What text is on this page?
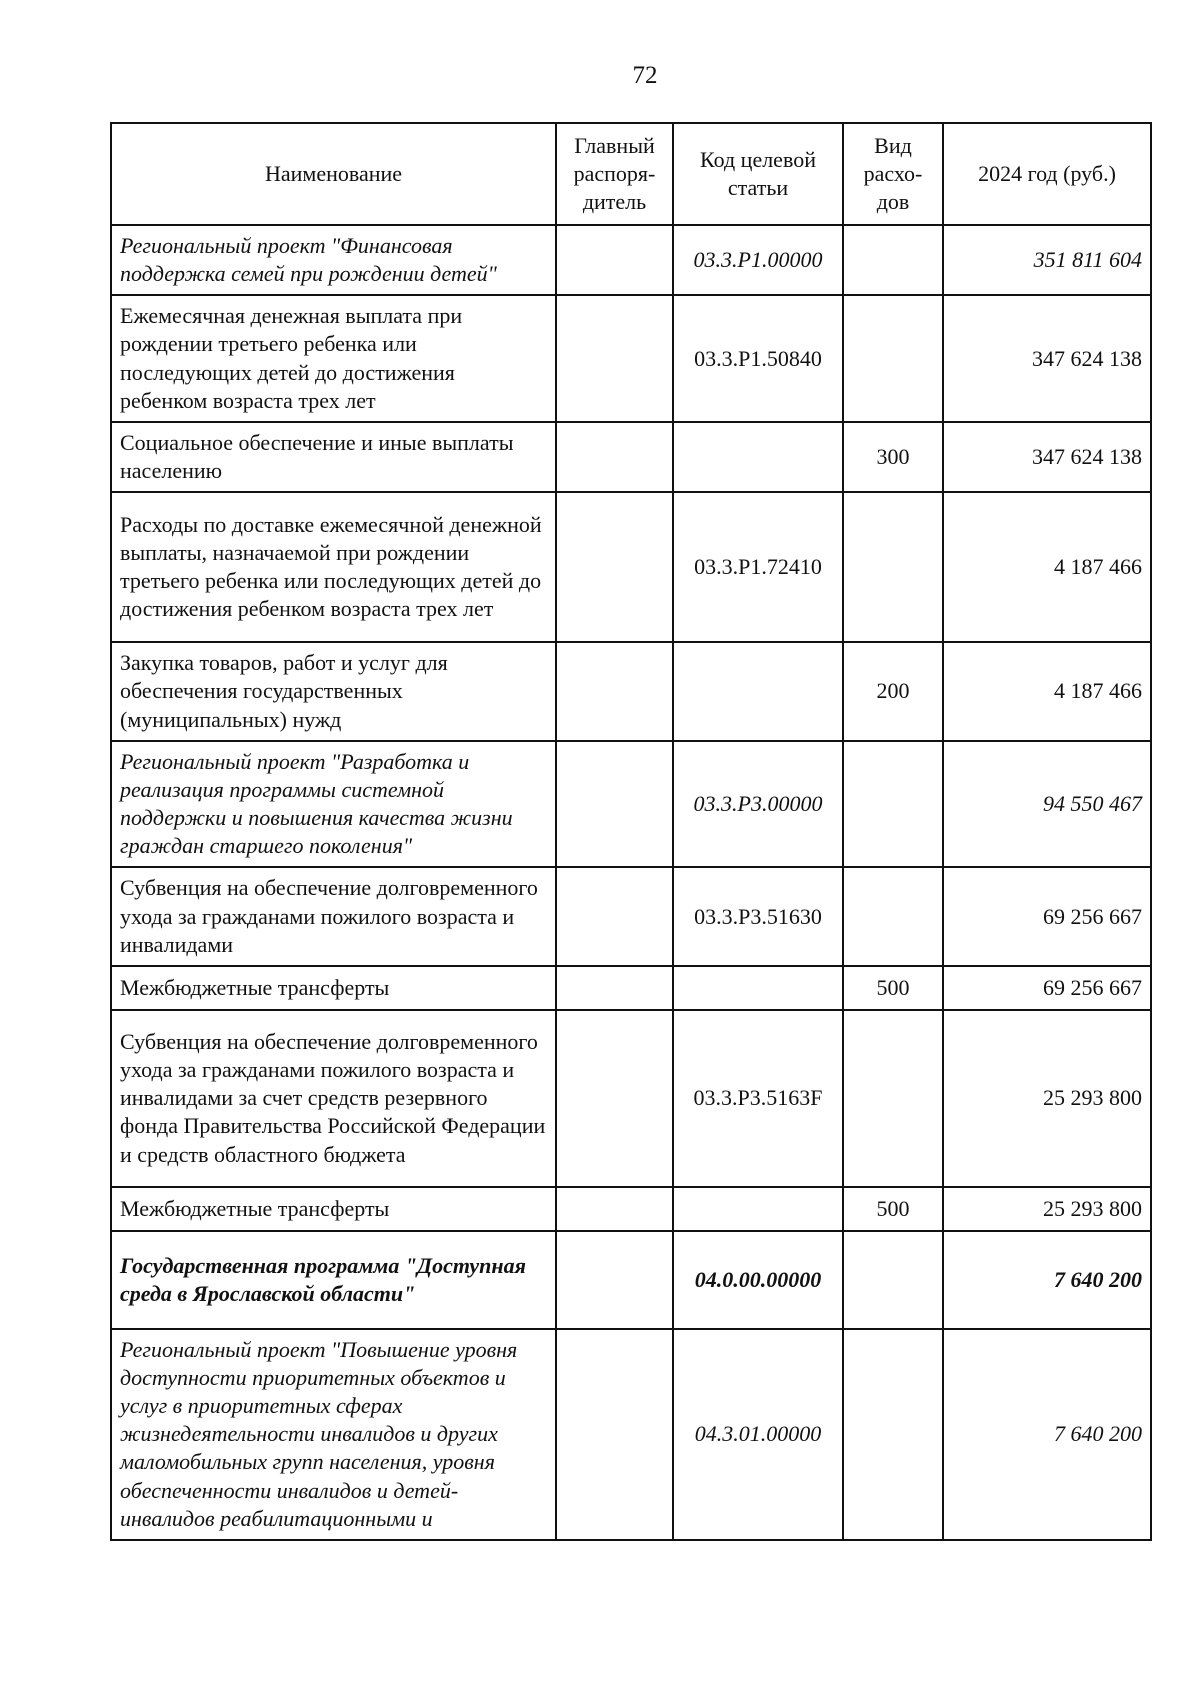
72
Наименование	Главный распоря-дитель	Код целевой статьи	Вид расхо-дов	2024 год (руб.)
Региональный проект "Финансовая поддержка семей при рождении детей"		03.3.P1.00000		351 811 604
Ежемесячная денежная выплата при рождении третьего ребенка или последующих детей до достижения ребенком возраста трех лет		03.3.P1.50840		347 624 138
Социальное обеспечение и иные выплаты населению			300	347 624 138
Расходы по доставке ежемесячной денежной выплаты, назначаемой при рождении третьего ребенка или последующих детей до достижения ребенком возраста трех лет		03.3.P1.72410		4 187 466
Закупка товаров, работ и услуг для обеспечения государственных (муниципальных) нужд			200	4 187 466
Региональный проект "Разработка и реализация программы системной поддержки и повышения качества жизни граждан старшего поколения"		03.3.P3.00000		94 550 467
Субвенция на обеспечение долговременного ухода за гражданами пожилого возраста и инвалидами		03.3.P3.51630		69 256 667
Межбюджетные трансферты			500	69 256 667
Субвенция на обеспечение долговременного ухода за гражданами пожилого возраста и инвалидами за счет средств резервного фонда Правительства Российской Федерации и средств областного бюджета		03.3.P3.5163F		25 293 800
Межбюджетные трансферты			500	25 293 800
Государственная программа "Доступная среда в Ярославской области"		04.0.00.00000		7 640 200
Региональный проект "Повышение уровня доступности приоритетных объектов и услуг в приоритетных сферах жизнедеятельности инвалидов и других маломобильных групп населения, уровня обеспеченности инвалидов и детей-инвалидов реабилитационными и		04.3.01.00000		7 640 200
